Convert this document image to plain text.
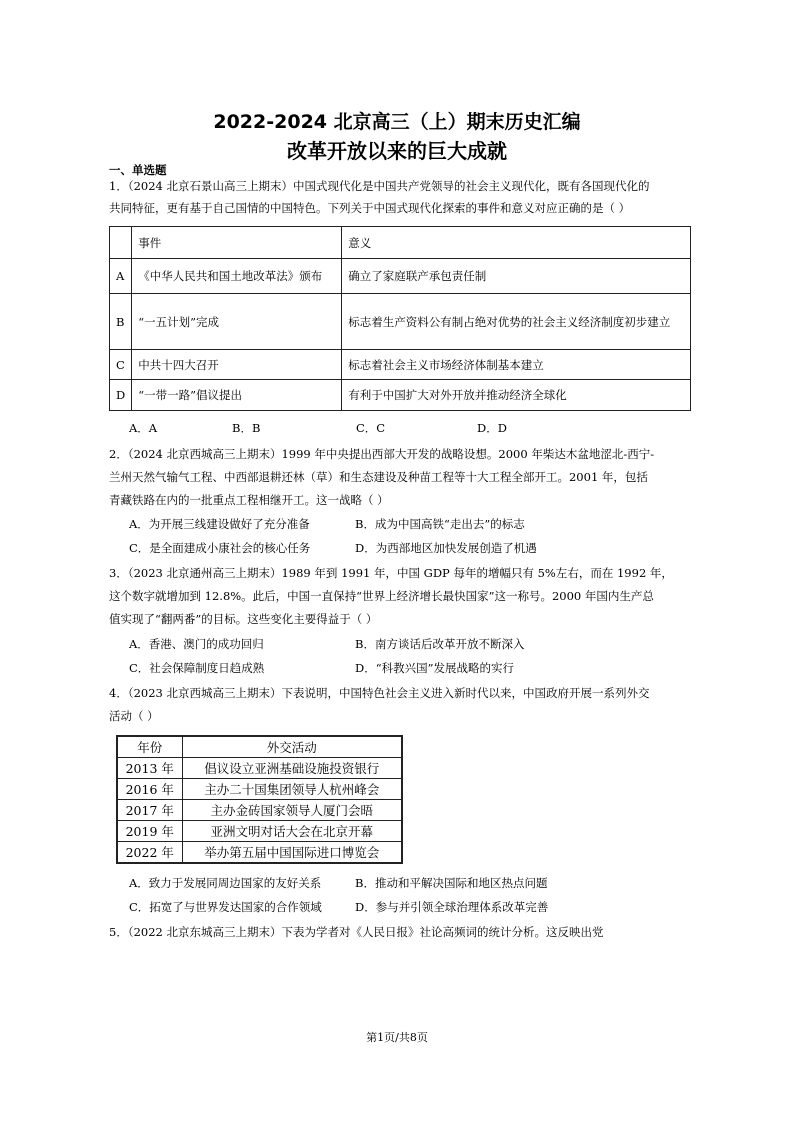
2022-2024 北京高三（上）期末历史汇编
改革开放以来的巨大成就
一、单选题
1．（2024 北京石景山高三上期末）中国式现代化是中国共产党领导的社会主义现代化，既有各国现代化的
共同特征，更有基于自己国情的中国特色。下列关于中国式现代化探索的事件和意义对应正确的是（ ）
	事件	意义
A	《中华人民共和国土地改革法》颁布	确立了家庭联产承包责任制
B	“一五计划”完成	标志着生产资料公有制占绝对优势的社会主义经济制度初步建立
C	中共十四大召开	标志着社会主义市场经济体制基本建立
D	“一带一路”倡议提出	有利于中国扩大对外开放并推动经济全球化
A．A	B．B	C．C	D．D
2．（2024 北京西城高三上期末）1999 年中央提出西部大开发的战略设想。2000 年柴达木盆地涩北-西宁-
兰州天然气输气工程、中西部退耕还林（草）和生态建设及种苗工程等十大工程全部开工。2001 年，包括
青藏铁路在内的一批重点工程相继开工。这一战略（ ）
A．为开展三线建设做好了充分准备	B．成为中国高铁“走出去”的标志
C．是全面建成小康社会的核心任务	D．为西部地区加快发展创造了机遇
3．（2023 北京通州高三上期末）1989 年到 1991 年，中国 GDP 每年的增幅只有 5%左右，而在 1992 年，
这个数字就增加到 12.8%。此后，中国一直保持“世界上经济增长最快国家”这一称号。2000 年国内生产总
值实现了“翻两番”的目标。这些变化主要得益于（ ）
A．香港、澳门的成功回归	B．南方谈话后改革开放不断深入
C．社会保障制度日趋成熟	D．“科教兴国”发展战略的实行
4．（2023 北京西城高三上期末）下表说明，中国特色社会主义进入新时代以来，中国政府开展一系列外交
活动（ ）
年份	外交活动
2013 年	倡议设立亚洲基础设施投资银行
2016 年	主办二十国集团领导人杭州峰会
2017 年	主办金砖国家领导人厦门会晤
2019 年	亚洲文明对话大会在北京开幕
2022 年	举办第五届中国国际进口博览会
A．致力于发展同周边国家的友好关系	B．推动和平解决国际和地区热点问题
C．拓宽了与世界发达国家的合作领域	D．参与并引领全球治理体系改革完善
5．（2022 北京东城高三上期末）下表为学者对《人民日报》社论高频词的统计分析。这反映出党
第1页/共8页
